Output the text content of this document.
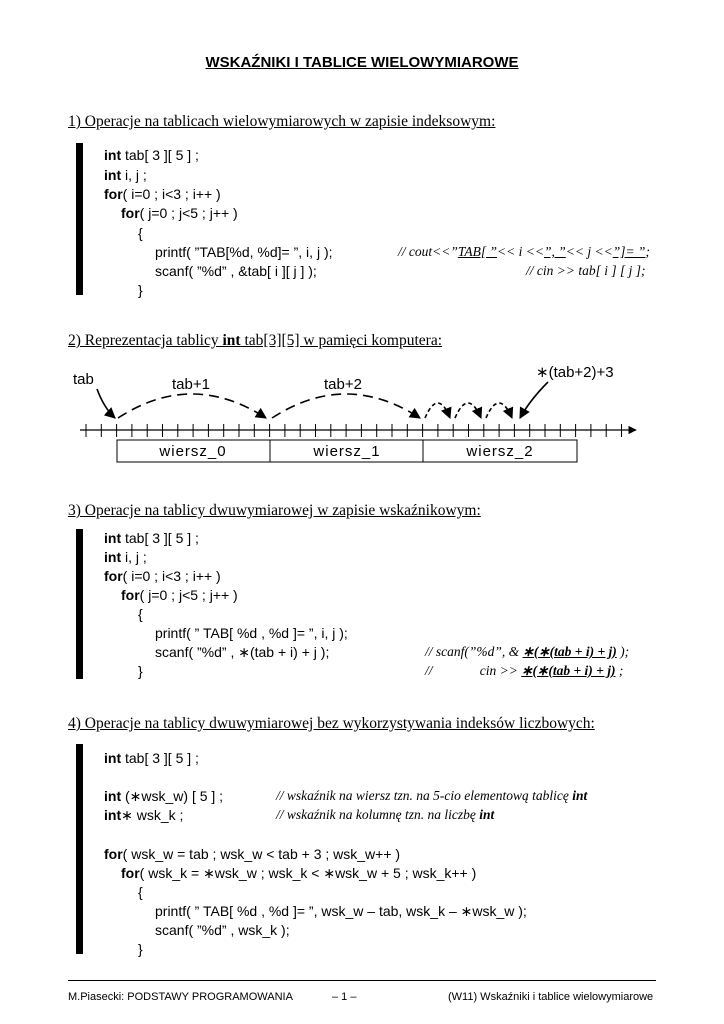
WSKAŹNIKI I TABLICE WIELOWYMIAROWE
1) Operacje na tablicach wielowymiarowych w zapisie indeksowym:
int tab[ 3 ][ 5 ] ;
int i, j ;
for( i=0 ; i<3 ; i++ )
for( j=0 ; j<5 ; j++ )
{
printf( ”TAB[%d, %d]= ”, i, j );
scanf( ”%d” , &tab[ i ][ j ] );
}
// cout<<”TAB[ ”<< i <<”, ”<< j <<”]= ”;
// cin >> tab[ i ] [ j ];
2) Reprezentacja tablicy int tab[3][5] w pamięci komputera:
wiersz_0	wiersz_1	wiersz_2
tab	tab+1	tab+2
∗(tab+2)+3
3) Operacje na tablicy dwuwymiarowej w zapisie wskaźnikowym:
int tab[ 3 ][ 5 ] ;
int i, j ;
for( i=0 ; i<3 ; i++ )
for( j=0 ; j<5 ; j++ )
{
printf( ” TAB[ %d , %d ]= ”, i, j );
scanf( ”%d” , ∗(tab + i) + j );
}
// scanf(”%d”, & ∗(∗(tab + i) + j) );
//              cin >> ∗(∗(tab + i) + j) ;
4) Operacje na tablicy dwuwymiarowej bez wykorzystywania indeksów liczbowych:
int tab[ 3 ][ 5 ] ;
int (∗wsk_w) [ 5 ] ;
int∗ wsk_k ;
for( wsk_w = tab ; wsk_w < tab + 3 ; wsk_w++ )
for( wsk_k = ∗wsk_w ; wsk_k < ∗wsk_w + 5 ; wsk_k++ )
{
printf( ” TAB[ %d , %d ]= ”, wsk_w – tab, wsk_k – ∗wsk_w );
scanf( ”%d” , wsk_k );
}
// wskaźnik na wiersz tzn. na 5-cio elementową tablicę int
// wskaźnik na kolumnę tzn. na liczbę int
M.Piasecki: PODSTAWY PROGRAMOWANIA	– 1 –	(W11) Wskaźniki i tablice wielowymiarowe
